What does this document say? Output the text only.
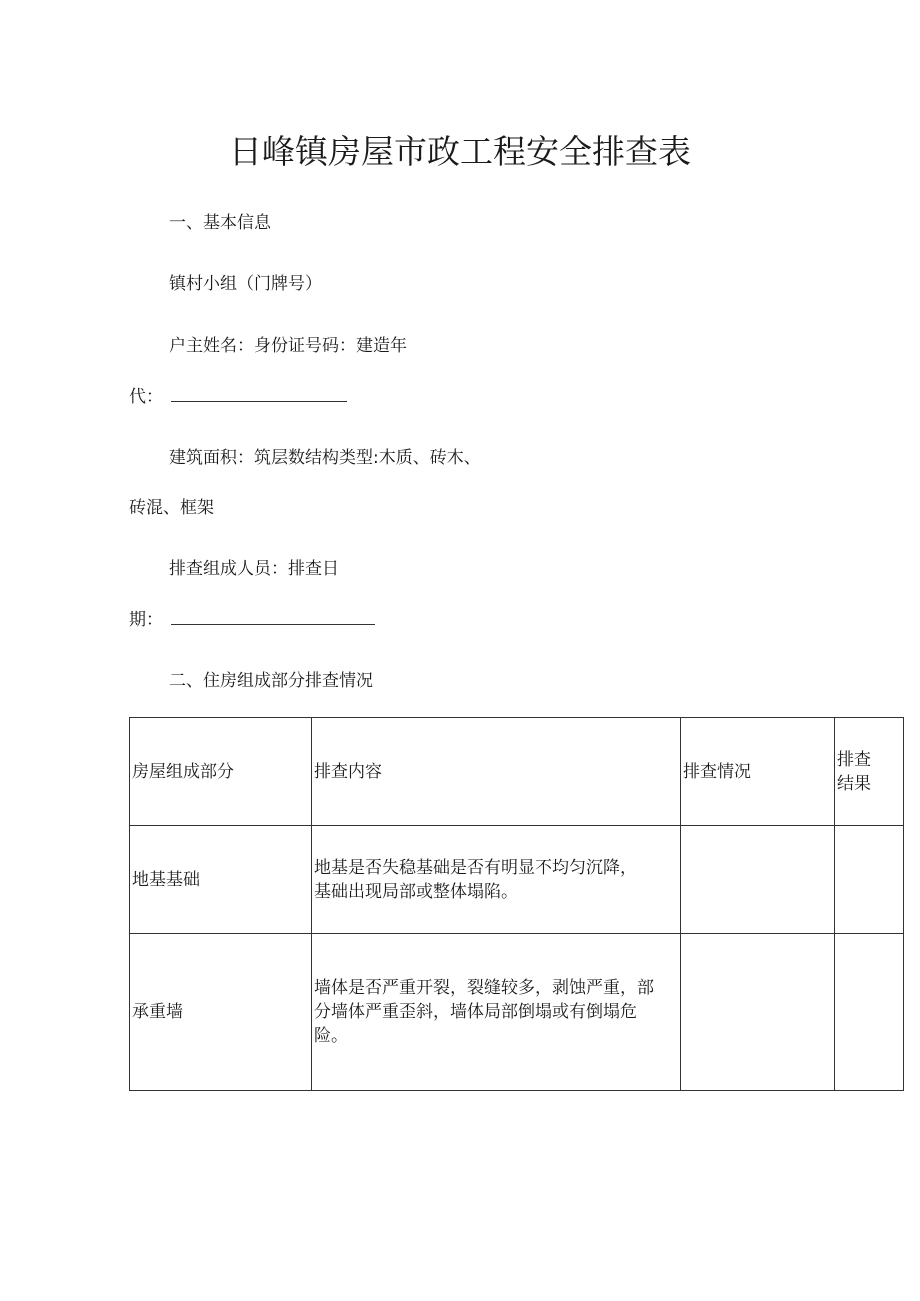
日峰镇房屋市政工程安全排查表
一、基本信息
镇村小组（门牌号）
户主姓名：身份证号码：建造年
代：
建筑面积：筑层数结构类型:木质、砖木、
砖混、框架
排查组成人员：排查日
期：
二、住房组成部分排查情况
房屋组成部分	排查内容	排查情况	排查
结果

地基基础	地基是否失稳基础是否有明显不均匀沉降，
基础出现局部或整体塌陷。		

承重墙	墙体是否严重开裂，裂缝较多，剥蚀严重，部
分墙体严重歪斜，墙体局部倒塌或有倒塌危
险。		
